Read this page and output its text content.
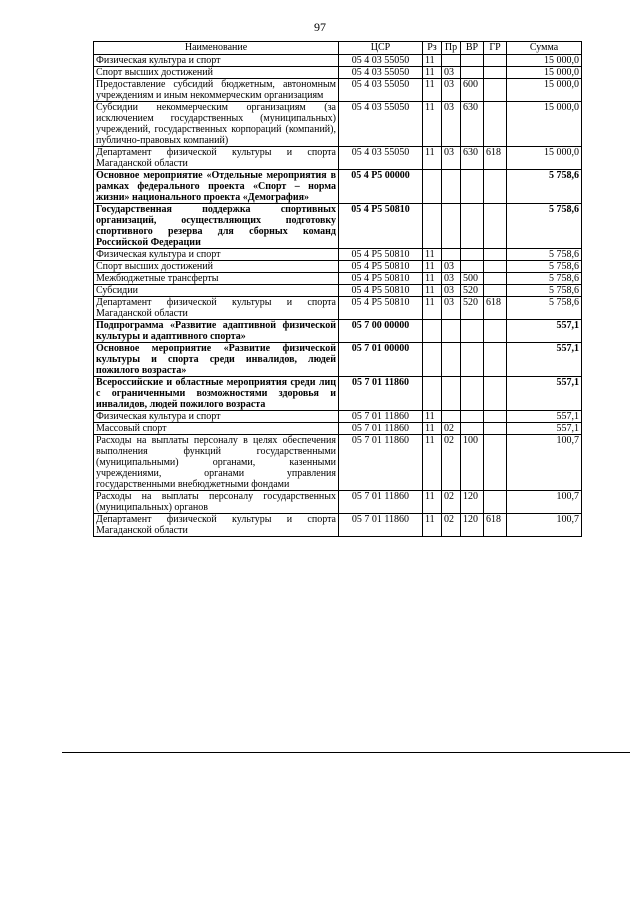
97
Наименование	ЦСР	Рз	Пр	ВР	ГР	Сумма
Физическая культура и спорт	05 4 03 55050	11				15 000,0
Спорт высших достижений	05 4 03 55050	11	03			15 000,0
Предоставление субсидий бюджетным, автономным учреждениям и иным некоммерческим организациям	05 4 03 55050	11	03	600		15 000,0
Субсидии некоммерческим организациям (за исключением государственных (муниципальных) учреждений, государственных корпораций (компаний), публично-правовых компаний)	05 4 03 55050	11	03	630		15 000,0
Департамент физической культуры и спорта Магаданской области	05 4 03 55050	11	03	630	618	15 000,0
Основное мероприятие «Отдельные мероприятия в рамках федерального проекта «Спорт – норма жизни» национального проекта «Демография»	05 4 P5 00000					5 758,6
Государственная поддержка спортивных организаций, осуществляющих подготовку спортивного резерва для сборных команд Российской Федерации	05 4 P5 50810					5 758,6
Физическая культура и спорт	05 4 P5 50810	11				5 758,6
Спорт высших достижений	05 4 P5 50810	11	03			5 758,6
Межбюджетные трансферты	05 4 P5 50810	11	03	500		5 758,6
Субсидии	05 4 P5 50810	11	03	520		5 758,6
Департамент физической культуры и спорта Магаданской области	05 4 P5 50810	11	03	520	618	5 758,6
Подпрограмма «Развитие адаптивной физической культуры и адаптивного спорта»	05 7 00 00000					557,1
Основное мероприятие «Развитие физической культуры и спорта среди инвалидов, людей пожилого возраста»	05 7 01 00000					557,1
Всероссийские и областные мероприятия среди лиц с ограниченными возможностями здоровья и инвалидов, людей пожилого возраста	05 7 01 11860					557,1
Физическая культура и спорт	05 7 01 11860	11				557,1
Массовый спорт	05 7 01 11860	11	02			557,1
Расходы на выплаты персоналу в целях обеспечения выполнения функций государственными (муниципальными) органами, казенными учреждениями, органами управления государственными внебюджетными фондами	05 7 01 11860	11	02	100		100,7
Расходы на выплаты персоналу государственных (муниципальных) органов	05 7 01 11860	11	02	120		100,7
Департамент физической культуры и спорта Магаданской области	05 7 01 11860	11	02	120	618	100,7
